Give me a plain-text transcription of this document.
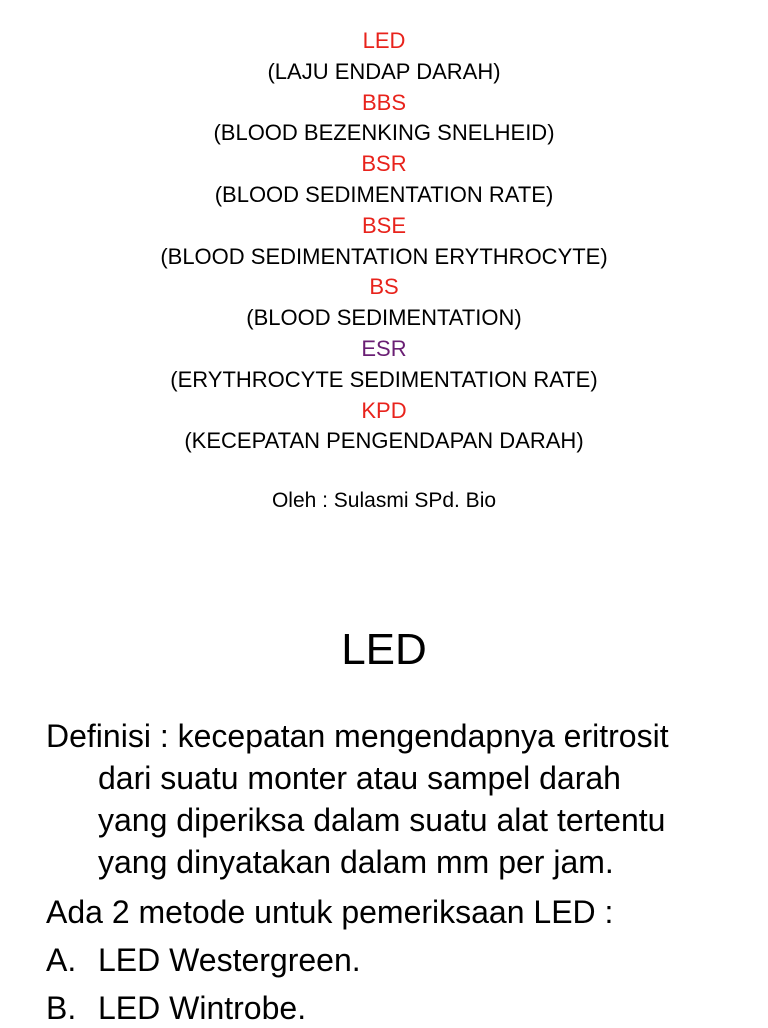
LED
(LAJU ENDAP DARAH)
BBS
(BLOOD BEZENKING SNELHEID)
BSR
(BLOOD SEDIMENTATION RATE)
BSE
(BLOOD SEDIMENTATION ERYTHROCYTE)
BS
(BLOOD SEDIMENTATION)
ESR
(ERYTHROCYTE SEDIMENTATION RATE)
KPD
(KECEPATAN PENGENDAPAN DARAH)
Oleh : Sulasmi SPd. Bio
LED
Definisi : kecepatan mengendapnya eritrosit
dari suatu monter atau sampel darah
yang diperiksa dalam suatu alat tertentu
yang dinyatakan dalam mm per jam.
Ada 2 metode untuk pemeriksaan LED :
A. LED Westergreen.
B. LED Wintrobe.
